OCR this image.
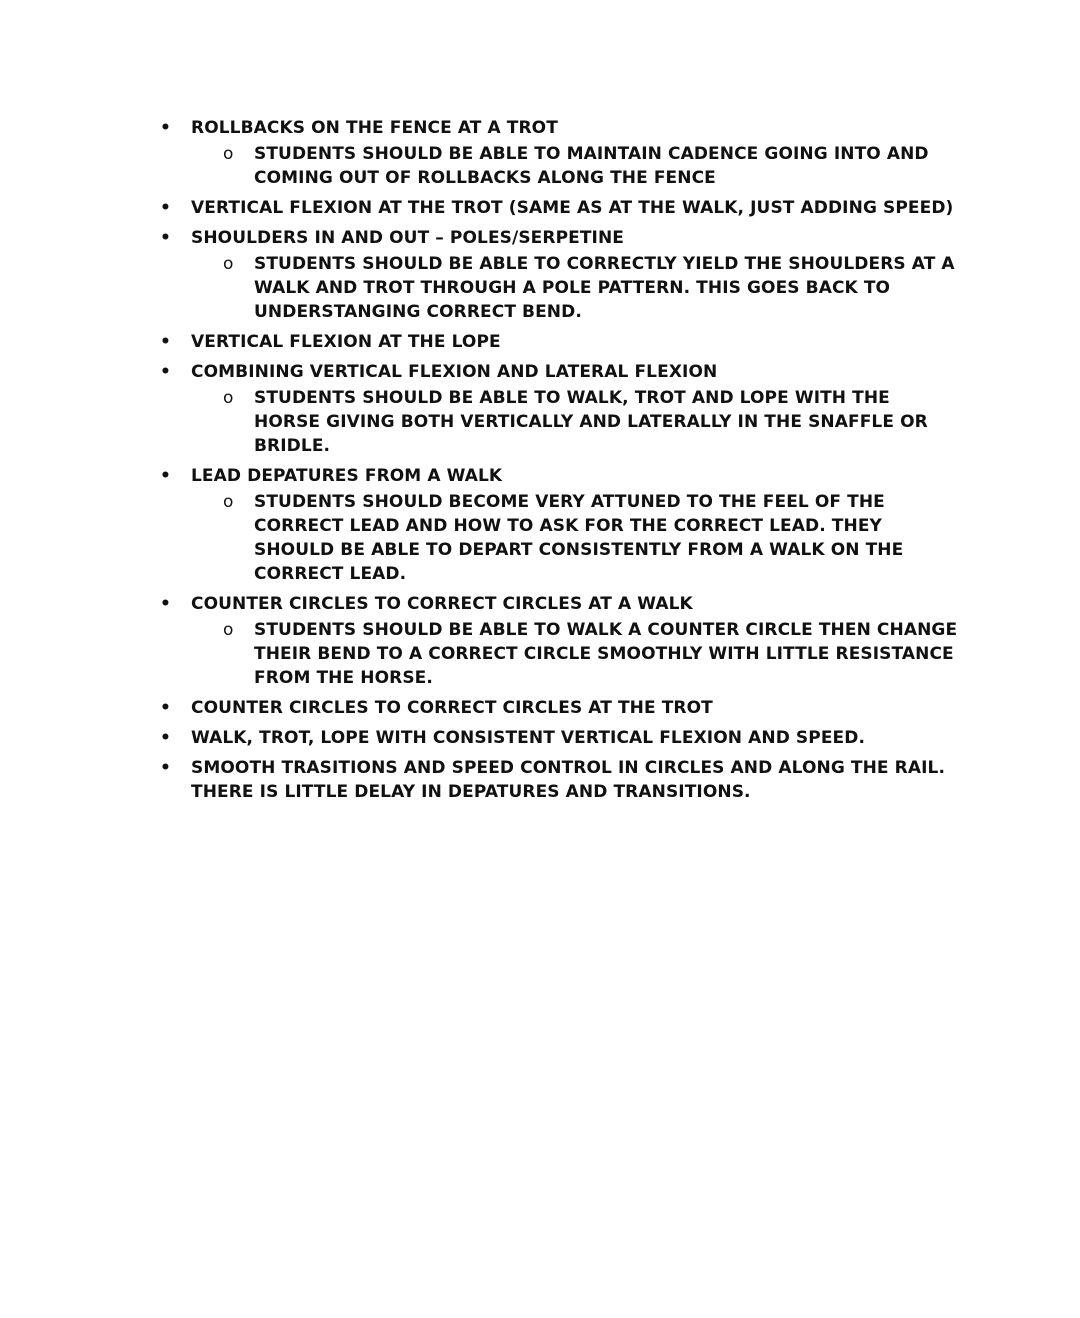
• ROLLBACKS ON THE FENCE AT A TROT
o STUDENTS SHOULD BE ABLE TO MAINTAIN CADENCE GOING INTO AND COMING OUT OF ROLLBACKS ALONG THE FENCE
• VERTICAL FLEXION AT THE TROT (SAME AS AT THE WALK, JUST ADDING SPEED)
• SHOULDERS IN AND OUT – POLES/SERPETINE
o STUDENTS SHOULD BE ABLE TO CORRECTLY YIELD THE SHOULDERS AT A WALK AND TROT THROUGH A POLE PATTERN. THIS GOES BACK TO UNDERSTANGING CORRECT BEND.
• VERTICAL FLEXION AT THE LOPE
• COMBINING VERTICAL FLEXION AND LATERAL FLEXION
o STUDENTS SHOULD BE ABLE TO WALK, TROT AND LOPE WITH THE HORSE GIVING BOTH VERTICALLY AND LATERALLY IN THE SNAFFLE OR BRIDLE.
• LEAD DEPATURES FROM A WALK
o STUDENTS SHOULD BECOME VERY ATTUNED TO THE FEEL OF THE CORRECT LEAD AND HOW TO ASK FOR THE CORRECT LEAD. THEY SHOULD BE ABLE TO DEPART CONSISTENTLY FROM A WALK ON THE CORRECT LEAD.
• COUNTER CIRCLES TO CORRECT CIRCLES AT A WALK
o STUDENTS SHOULD BE ABLE TO WALK A COUNTER CIRCLE THEN CHANGE THEIR BEND TO A CORRECT CIRCLE SMOOTHLY WITH LITTLE RESISTANCE FROM THE HORSE.
• COUNTER CIRCLES TO CORRECT CIRCLES AT THE TROT
• WALK, TROT, LOPE WITH CONSISTENT VERTICAL FLEXION AND SPEED.
• SMOOTH TRASITIONS AND SPEED CONTROL IN CIRCLES AND ALONG THE RAIL. THERE IS LITTLE DELAY IN DEPATURES AND TRANSITIONS.
